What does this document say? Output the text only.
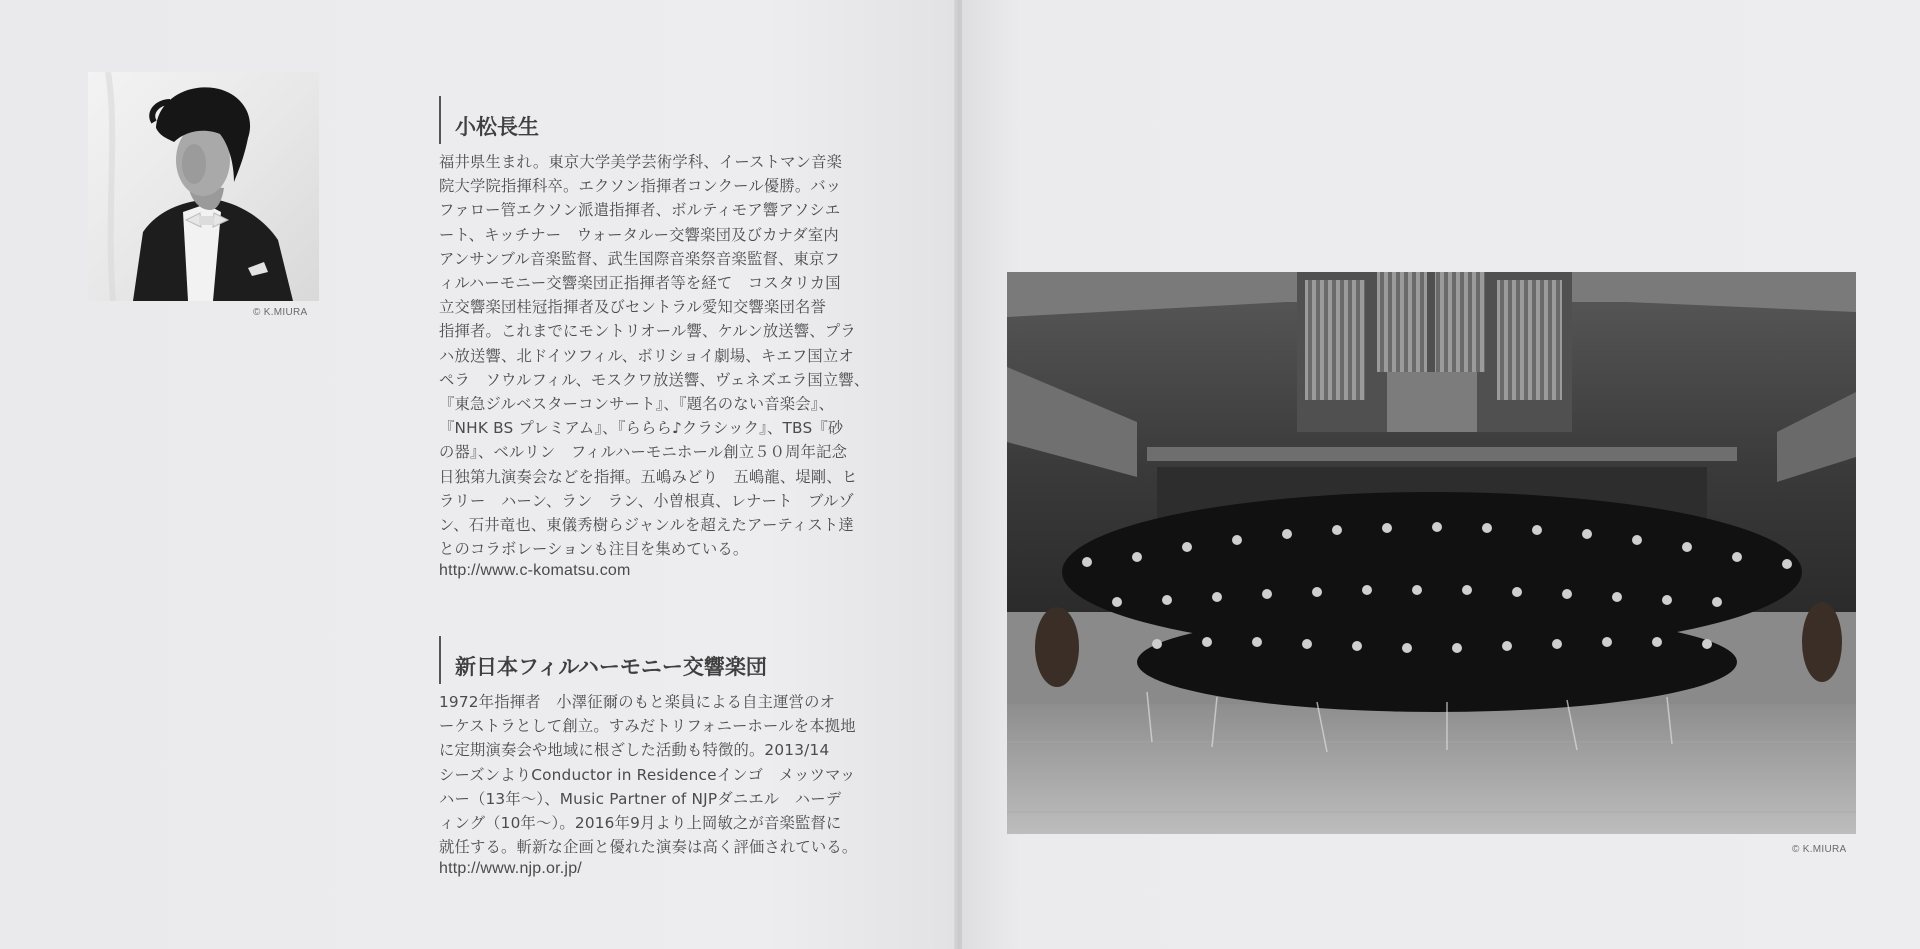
© K.MIURA
小松長生
福井県生まれ。東京大学美学芸術学科、イーストマン音楽
院大学院指揮科卒。エクソン指揮者コンクール優勝。バッ
ファロー管エクソン派遣指揮者、ボルティモア響アソシエ
ート、キッチナー　ウォータルー交響楽団及びカナダ室内
アンサンブル音楽監督、武生国際音楽祭音楽監督、東京フ
ィルハーモニー交響楽団正指揮者等を経て　コスタリカ国
立交響楽団桂冠指揮者及びセントラル愛知交響楽団名誉
指揮者。これまでにモントリオール響、ケルン放送響、プラ
ハ放送響、北ドイツフィル、ボリショイ劇場、キエフ国立オ
ペラ　ソウルフィル、モスクワ放送響、ヴェネズエラ国立響、
『東急ジルベスターコンサート』、『題名のない音楽会』、
『NHK BS プレミアム』、『ららら♪クラシック』、TBS『砂
の器』、ベルリン　フィルハーモニホール創立５０周年記念
日独第九演奏会などを指揮。五嶋みどり　五嶋龍、堤剛、ヒ
ラリー　ハーン、ラン　ラン、小曽根真、レナート　ブルゾ
ン、石井竜也、東儀秀樹らジャンルを超えたアーティスト達
とのコラボレーションも注目を集めている。
http://www.c-komatsu.com
新日本フィルハーモニー交響楽団
1972年指揮者　小澤征爾のもと楽員による自主運営のオ
ーケストラとして創立。すみだトリフォニーホールを本拠地
に定期演奏会や地域に根ざした活動も特徴的。2013/14
シーズンよりConductor in Residenceインゴ　メッツマッ
ハー（13年〜）、Music Partner of NJPダニエル　ハーデ
ィング（10年〜）。2016年9月より上岡敏之が音楽監督に
就任する。斬新な企画と優れた演奏は高く評価されている。
http://www.njp.or.jp/
© K.MIURA
